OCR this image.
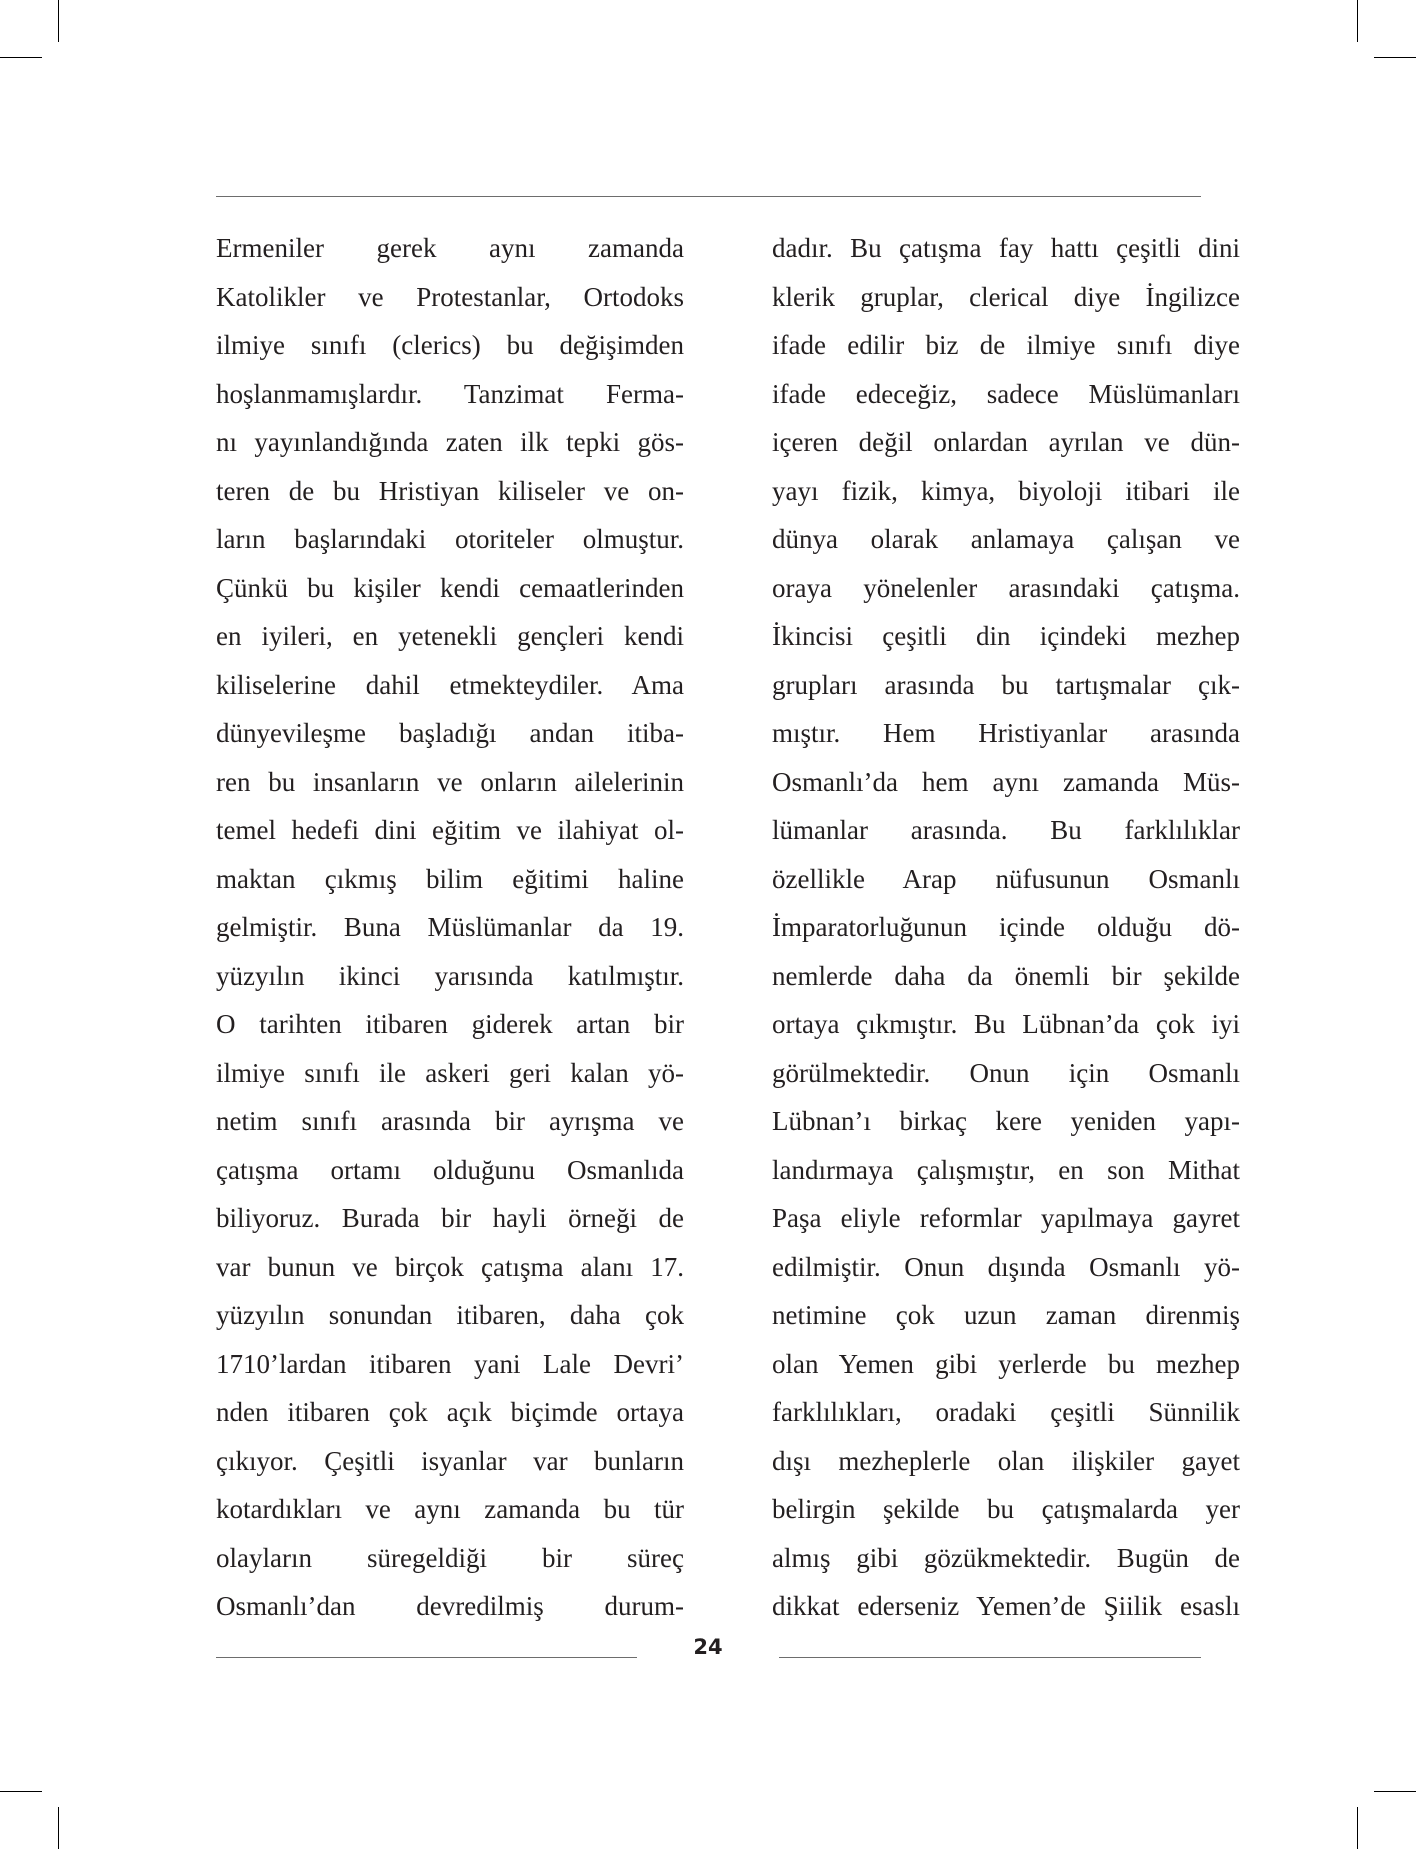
Ermeniler gerek aynı zamanda
Katolikler ve Protestanlar, Ortodoks
ilmiye sınıfı (clerics) bu değişimden
hoşlanmamışlardır. Tanzimat Ferma-
nı yayınlandığında zaten ilk tepki gös-
teren de bu Hristiyan kiliseler ve on-
ların başlarındaki otoriteler olmuştur.
Çünkü bu kişiler kendi cemaatlerinden
en iyileri, en yetenekli gençleri kendi
kiliselerine dahil etmekteydiler. Ama
dünyevileşme başladığı andan itiba-
ren bu insanların ve onların ailelerinin
temel hedefi dini eğitim ve ilahiyat ol-
maktan çıkmış bilim eğitimi haline
gelmiştir. Buna Müslümanlar da 19.
yüzyılın ikinci yarısında katılmıştır.
O tarihten itibaren giderek artan bir
ilmiye sınıfı ile askeri geri kalan yö-
netim sınıfı arasında bir ayrışma ve
çatışma ortamı olduğunu Osmanlıda
biliyoruz. Burada bir hayli örneği de
var bunun ve birçok çatışma alanı 17.
yüzyılın sonundan itibaren, daha çok
1710’lardan itibaren yani Lale Devri’
nden itibaren çok açık biçimde ortaya
çıkıyor. Çeşitli isyanlar var bunların
kotardıkları ve aynı zamanda bu tür
olayların süregeldiği bir süreç
Osmanlı’dan devredilmiş durum-
dadır. Bu çatışma fay hattı çeşitli dini
klerik gruplar, clerical diye İngilizce
ifade edilir biz de ilmiye sınıfı diye
ifade edeceğiz, sadece Müslümanları
içeren değil onlardan ayrılan ve dün-
yayı fizik, kimya, biyoloji itibari ile
dünya olarak anlamaya çalışan ve
oraya yönelenler arasındaki çatışma.
İkincisi çeşitli din içindeki mezhep
grupları arasında bu tartışmalar çık-
mıştır. Hem Hristiyanlar arasında
Osmanlı’da hem aynı zamanda Müs-
lümanlar arasında. Bu farklılıklar
özellikle Arap nüfusunun Osmanlı
İmparatorluğunun içinde olduğu dö-
nemlerde daha da önemli bir şekilde
ortaya çıkmıştır. Bu Lübnan’da çok iyi
görülmektedir. Onun için Osmanlı
Lübnan’ı birkaç kere yeniden yapı-
landırmaya çalışmıştır, en son Mithat
Paşa eliyle reformlar yapılmaya gayret
edilmiştir. Onun dışında Osmanlı yö-
netimine çok uzun zaman direnmiş
olan Yemen gibi yerlerde bu mezhep
farklılıkları, oradaki çeşitli Sünnilik
dışı mezheplerle olan ilişkiler gayet
belirgin şekilde bu çatışmalarda yer
almış gibi gözükmektedir. Bugün de
dikkat ederseniz Yemen’de Şiilik esaslı
24
